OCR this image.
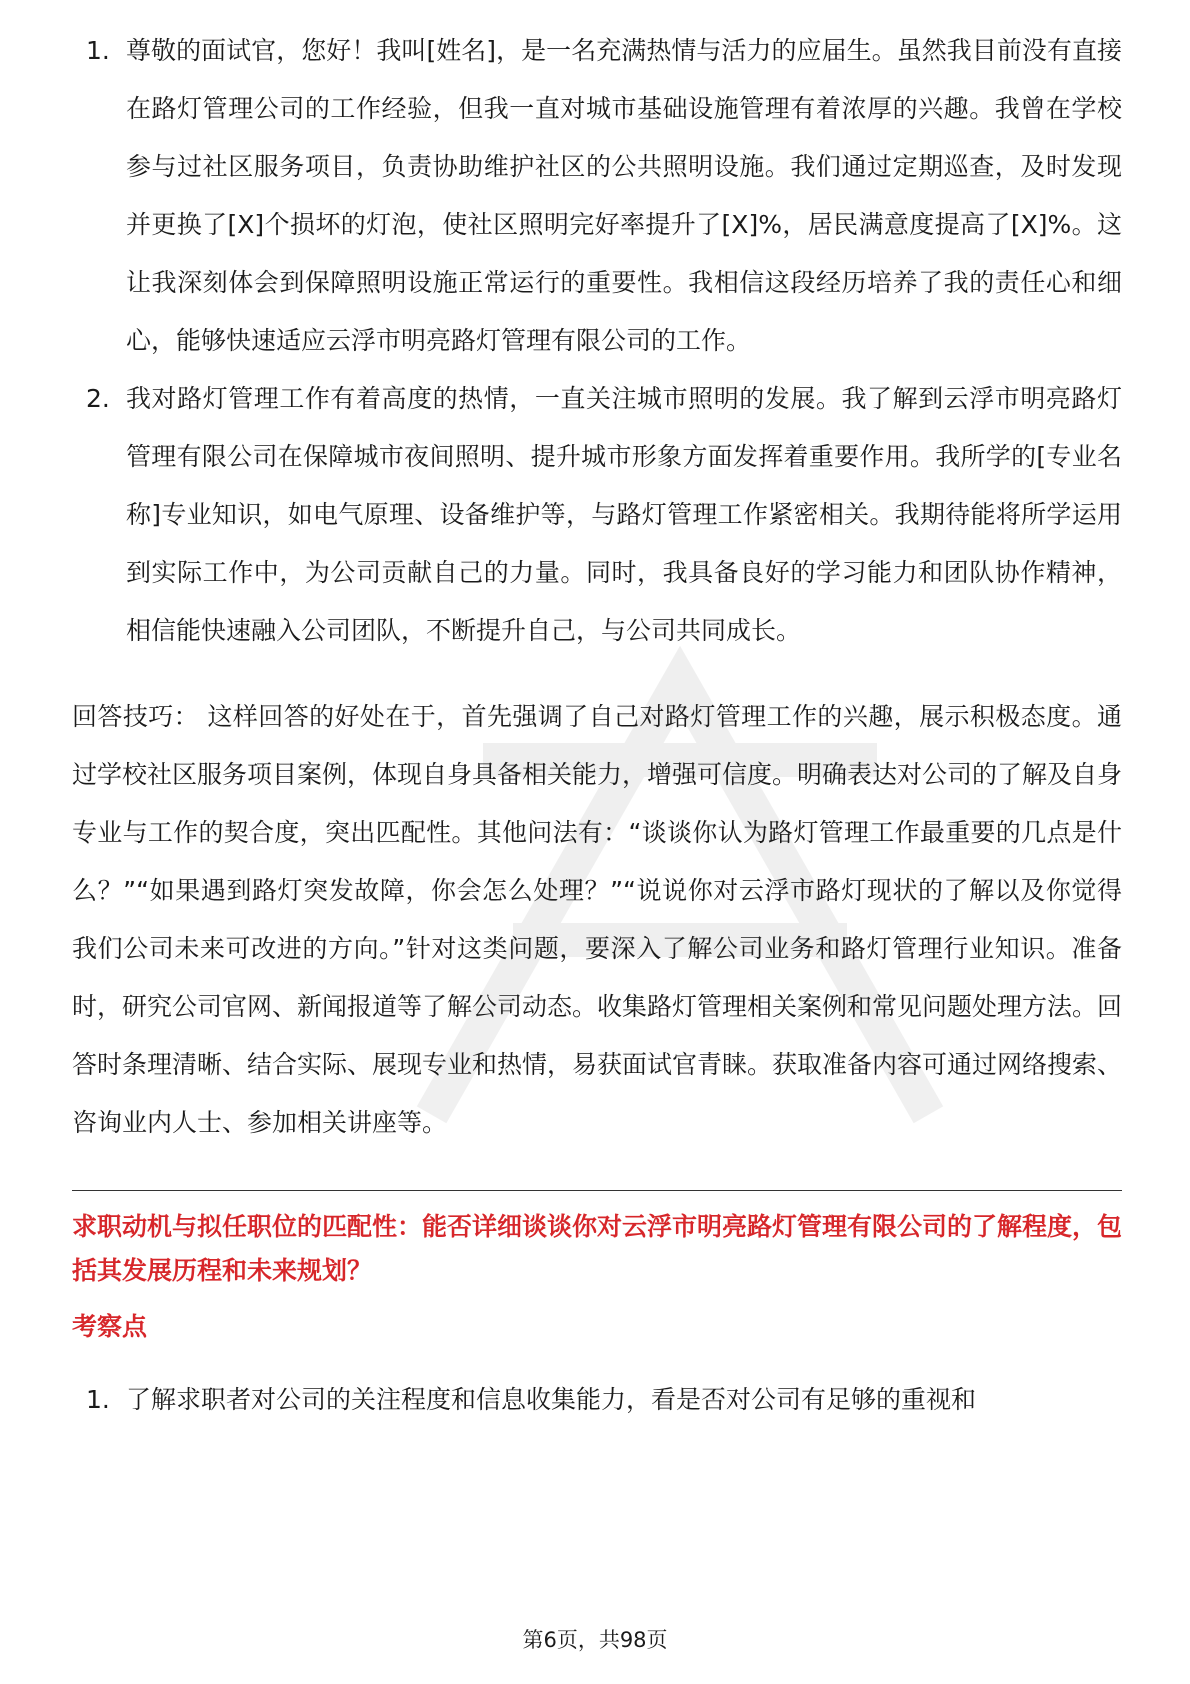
1. 尊敬的面试官，您好！我叫[姓名]，是一名充满热情与活力的应届生。虽然我目前没有直接在路灯管理公司的工作经验，但我一直对城市基础设施管理有着浓厚的兴趣。我曾在学校参与过社区服务项目，负责协助维护社区的公共照明设施。我们通过定期巡查，及时发现并更换了[X]个损坏的灯泡，使社区照明完好率提升了[X]%，居民满意度提高了[X]%。这让我深刻体会到保障照明设施正常运行的重要性。我相信这段经历培养了我的责任心和细心，能够快速适应云浮市明亮路灯管理有限公司的工作。
2. 我对路灯管理工作有着高度的热情，一直关注城市照明的发展。我了解到云浮市明亮路灯管理有限公司在保障城市夜间照明、提升城市形象方面发挥着重要作用。我所学的[专业名称]专业知识，如电气原理、设备维护等，与路灯管理工作紧密相关。我期待能将所学运用到实际工作中，为公司贡献自己的力量。同时，我具备良好的学习能力和团队协作精神，相信能快速融入公司团队，不断提升自己，与公司共同成长。
回答技巧： 这样回答的好处在于，首先强调了自己对路灯管理工作的兴趣，展示积极态度。通过学校社区服务项目案例，体现自身具备相关能力，增强可信度。明确表达对公司的了解及自身专业与工作的契合度，突出匹配性。其他问法有：“谈谈你认为路灯管理工作最重要的几点是什么？”“如果遇到路灯突发故障，你会怎么处理？”“说说你对云浮市路灯现状的了解以及你觉得我们公司未来可改进的方向。”针对这类问题，要深入了解公司业务和路灯管理行业知识。准备时，研究公司官网、新闻报道等了解公司动态。收集路灯管理相关案例和常见问题处理方法。回答时条理清晰、结合实际、展现专业和热情，易获面试官青睐。获取准备内容可通过网络搜索、咨询业内人士、参加相关讲座等。
求职动机与拟任职位的匹配性：能否详细谈谈你对云浮市明亮路灯管理有限公司的了解程度，包括其发展历程和未来规划？
考察点
1. 了解求职者对公司的关注程度和信息收集能力，看是否对公司有足够的重视和
第6页，共98页
